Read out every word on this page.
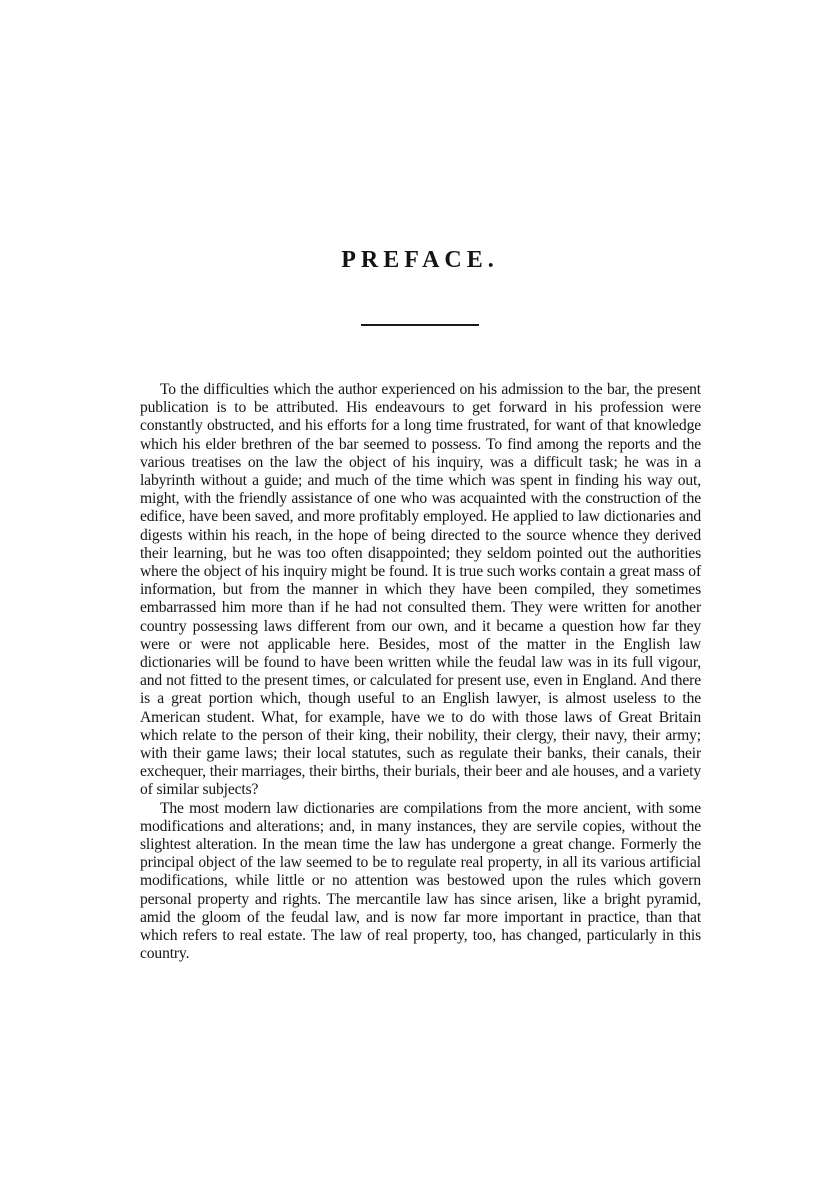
PREFACE.

To the difficulties which the author experienced on his admission to the bar, the present publication is to be attributed. His endeavours to get forward in his profession were constantly obstructed, and his efforts for a long time frustrated, for want of that knowledge which his elder brethren of the bar seemed to possess. To find among the reports and the various treatises on the law the object of his inquiry, was a difficult task; he was in a labyrinth without a guide; and much of the time which was spent in finding his way out, might, with the friendly assistance of one who was acquainted with the construction of the edifice, have been saved, and more profitably employed. He applied to law dictionaries and digests within his reach, in the hope of being directed to the source whence they derived their learning, but he was too often disappointed; they seldom pointed out the authorities where the object of his inquiry might be found. It is true such works contain a great mass of information, but from the manner in which they have been compiled, they sometimes embarrassed him more than if he had not consulted them. They were written for another country possessing laws different from our own, and it became a question how far they were or were not applicable here. Besides, most of the matter in the English law dictionaries will be found to have been written while the feudal law was in its full vigour, and not fitted to the present times, or calculated for present use, even in England. And there is a great portion which, though useful to an English lawyer, is almost useless to the American student. What, for example, have we to do with those laws of Great Britain which relate to the person of their king, their nobility, their clergy, their navy, their army; with their game laws; their local statutes, such as regulate their banks, their canals, their exchequer, their marriages, their births, their burials, their beer and ale houses, and a variety of similar subjects?

The most modern law dictionaries are compilations from the more ancient, with some modifications and alterations; and, in many instances, they are servile copies, without the slightest alteration. In the mean time the law has undergone a great change. Formerly the principal object of the law seemed to be to regulate real property, in all its various artificial modifications, while little or no attention was bestowed upon the rules which govern personal property and rights. The mercantile law has since arisen, like a bright pyramid, amid the gloom of the feudal law, and is now far more important in practice, than that which refers to real estate. The law of real property, too, has changed, particularly in this country.
